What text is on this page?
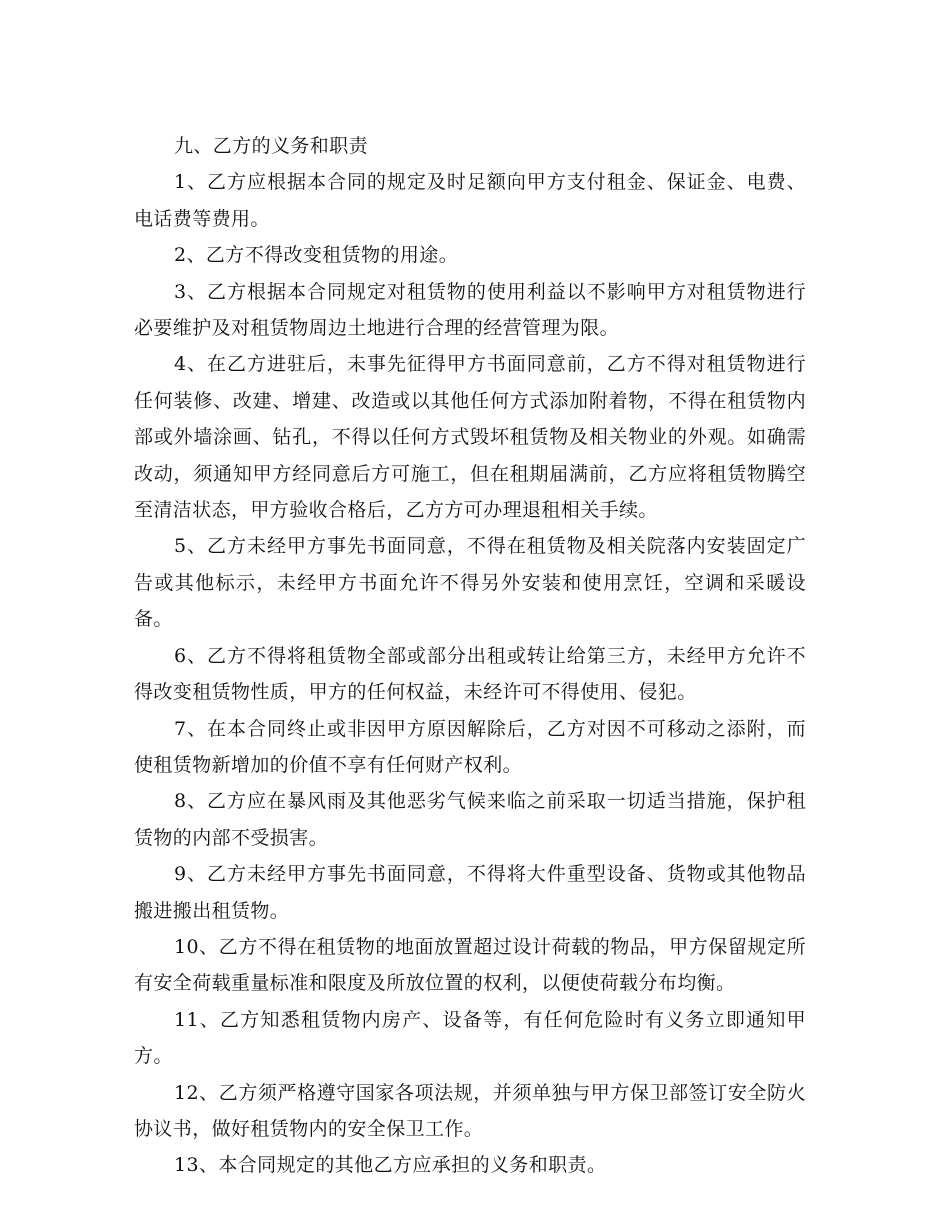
九、乙方的义务和职责

1、乙方应根据本合同的规定及时足额向甲方支付租金、保证金、电费、电话费等费用。

2、乙方不得改变租赁物的用途。

3、乙方根据本合同规定对租赁物的使用利益以不影响甲方对租赁物进行必要维护及对租赁物周边土地进行合理的经营管理为限。

4、在乙方进驻后，未事先征得甲方书面同意前，乙方不得对租赁物进行任何装修、改建、增建、改造或以其他任何方式添加附着物，不得在租赁物内部或外墙涂画、钻孔，不得以任何方式毁坏租赁物及相关物业的外观。如确需改动，须通知甲方经同意后方可施工，但在租期届满前，乙方应将租赁物腾空至清洁状态，甲方验收合格后，乙方方可办理退租相关手续。

5、乙方未经甲方事先书面同意，不得在租赁物及相关院落内安装固定广告或其他标示，未经甲方书面允许不得另外安装和使用烹饪，空调和采暖设备。

6、乙方不得将租赁物全部或部分出租或转让给第三方，未经甲方允许不得改变租赁物性质，甲方的任何权益，未经许可不得使用、侵犯。

7、在本合同终止或非因甲方原因解除后，乙方对因不可移动之添附，而使租赁物新增加的价值不享有任何财产权利。

8、乙方应在暴风雨及其他恶劣气候来临之前采取一切适当措施，保护租赁物的内部不受损害。

9、乙方未经甲方事先书面同意，不得将大件重型设备、货物或其他物品搬进搬出租赁物。

10、乙方不得在租赁物的地面放置超过设计荷载的物品，甲方保留规定所有安全荷载重量标准和限度及所放位置的权利，以便使荷载分布均衡。

11、乙方知悉租赁物内房产、设备等，有任何危险时有义务立即通知甲方。

12、乙方须严格遵守国家各项法规，并须单独与甲方保卫部签订安全防火协议书，做好租赁物内的安全保卫工作。

13、本合同规定的其他乙方应承担的义务和职责。
